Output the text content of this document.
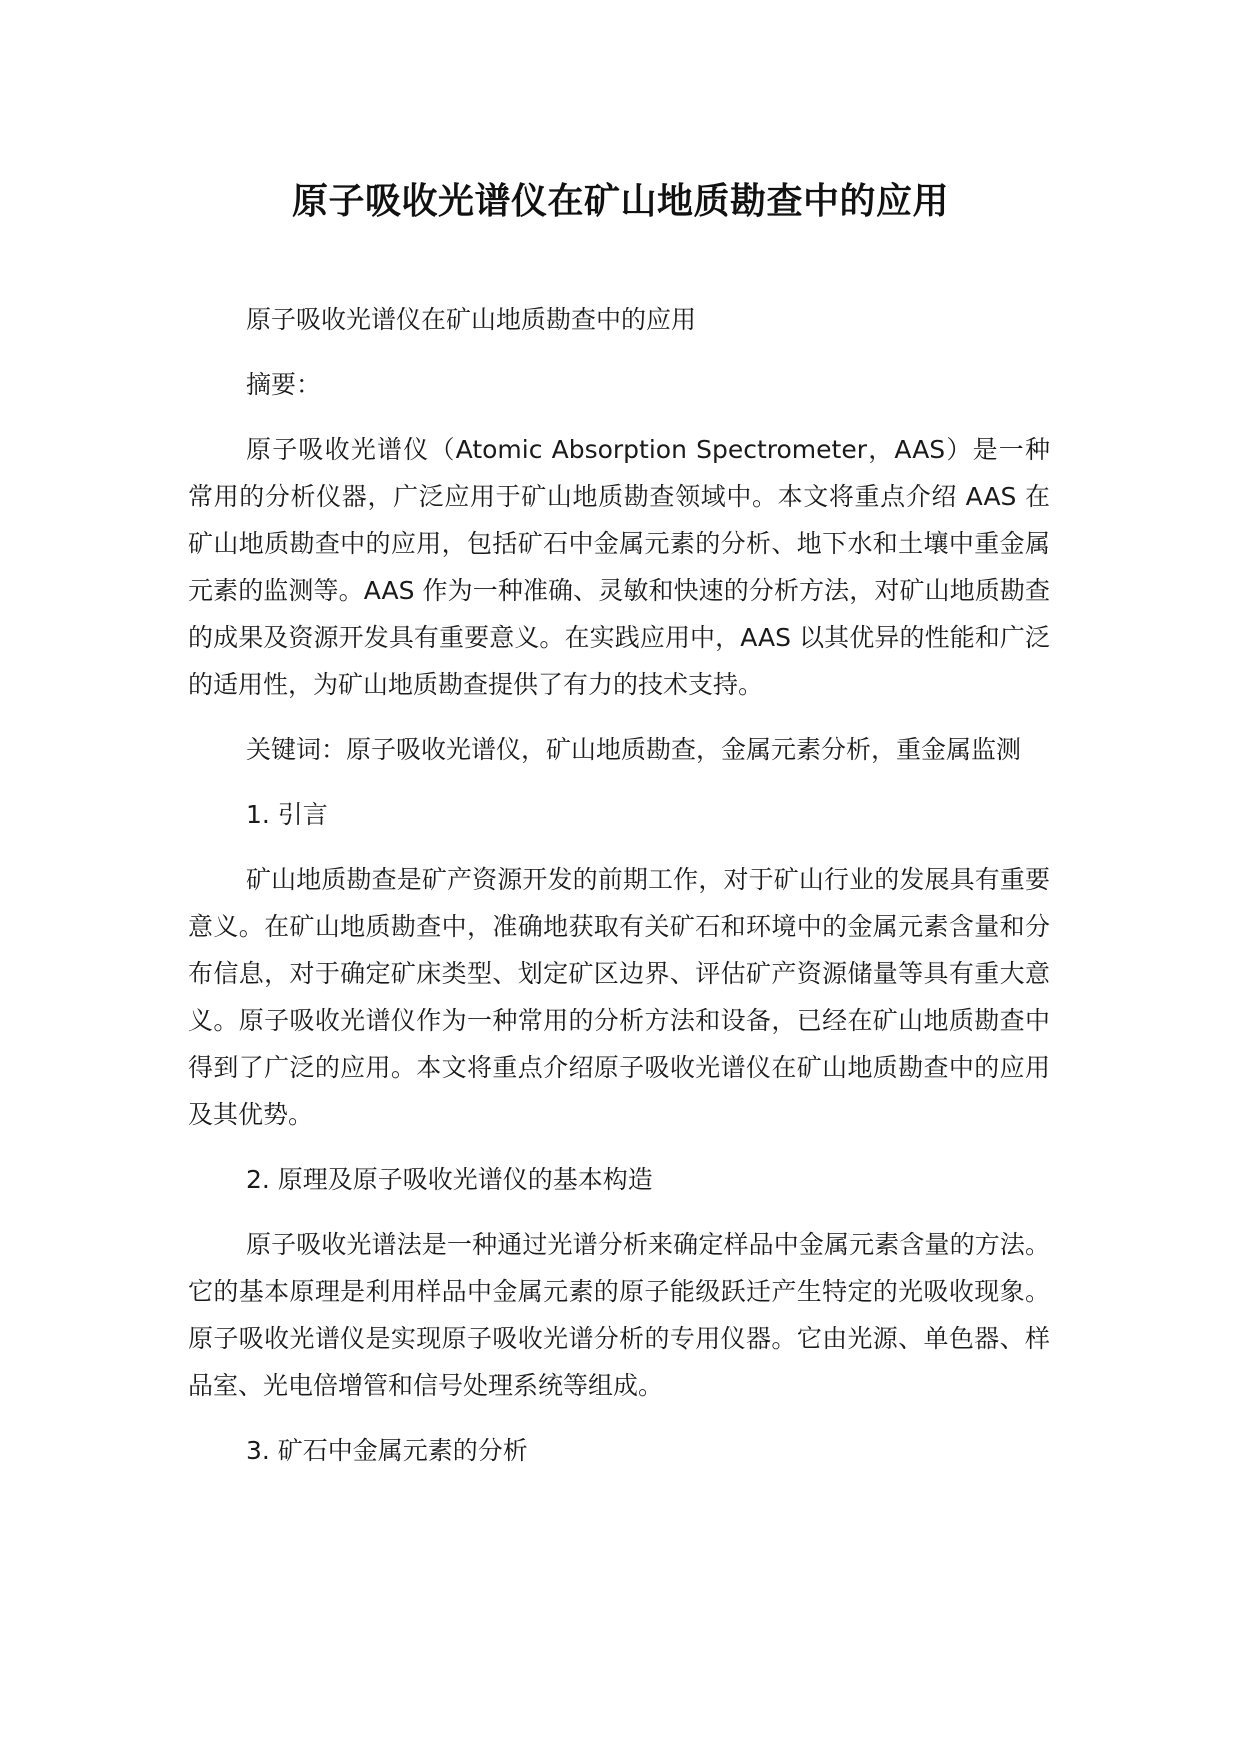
原子吸收光谱仪在矿山地质勘查中的应用

原子吸收光谱仪在矿山地质勘查中的应用

摘要：

原子吸收光谱仪（Atomic Absorption Spectrometer，AAS）是一种常用的分析仪器，广泛应用于矿山地质勘查领域中。本文将重点介绍 AAS 在矿山地质勘查中的应用，包括矿石中金属元素的分析、地下水和土壤中重金属元素的监测等。AAS 作为一种准确、灵敏和快速的分析方法，对矿山地质勘查的成果及资源开发具有重要意义。在实践应用中，AAS 以其优异的性能和广泛的适用性，为矿山地质勘查提供了有力的技术支持。

关键词：原子吸收光谱仪，矿山地质勘查，金属元素分析，重金属监测

1. 引言

矿山地质勘查是矿产资源开发的前期工作，对于矿山行业的发展具有重要意义。在矿山地质勘查中，准确地获取有关矿石和环境中的金属元素含量和分布信息，对于确定矿床类型、划定矿区边界、评估矿产资源储量等具有重大意义。原子吸收光谱仪作为一种常用的分析方法和设备，已经在矿山地质勘查中得到了广泛的应用。本文将重点介绍原子吸收光谱仪在矿山地质勘查中的应用及其优势。

2. 原理及原子吸收光谱仪的基本构造

原子吸收光谱法是一种通过光谱分析来确定样品中金属元素含量的方法。它的基本原理是利用样品中金属元素的原子能级跃迁产生特定的光吸收现象。原子吸收光谱仪是实现原子吸收光谱分析的专用仪器。它由光源、单色器、样品室、光电倍增管和信号处理系统等组成。

3. 矿石中金属元素的分析
